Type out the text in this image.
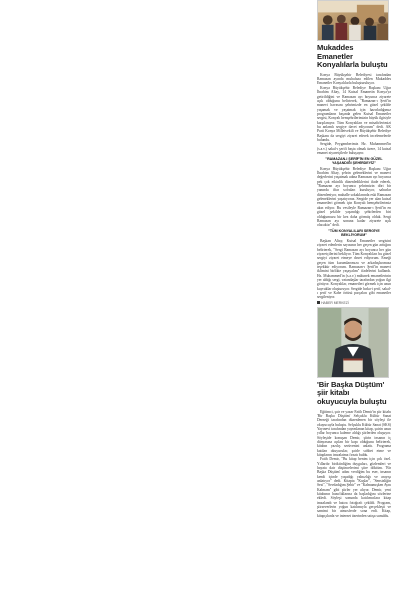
Mukaddes Emanetler Konyalılarla buluştu

Konya Büyükşehir Belediyesi tarafından Ramazan ayında muhafaza edilen Mukaddes Emanetler Konyalılarla buluşturuluyor.

Konya Büyükşehir Belediye Başkanı Uğur İbrahim Altay, 14 Kutsal Emanetin Konya'ya getirildiğini ve Ramazan ayı boyunca ziyarete açık olduğunu belirterek, "Ramazan-ı Şerif'in manevi havasını şehrimizde en güzel şekilde yaşamak ve yaşatmak için hazırladığımız programların başında gelen Kutsal Emanetler sergisi, Konyalı hemşehrilerimizin büyük ilgisiyle karşılanıyor. Tüm Konyalıları ve misafirlerimizi bu anlamlı sergiye davet ediyorum" dedi. AK Parti Konya Milletvekili ve Büyükşehir Belediye Başkanı da sergiyi ziyaret ederek incelemelerde bulundu.

Sergide, Peygamberimiz Hz. Muhammed'in (s.a.v.) sakal-ı şerifi başta olmak üzere, 14 kutsal emanet ziyaretçilerle buluşuyor.

"RAMAZAN-I ŞERİF'İN EN GÜZEL YAŞANDIĞI ŞEHİRDEYİZ"

Konya Büyükşehir Belediye Başkanı Uğur İbrahim Altay, şehrin geleneklerini ve manevi değerlerini yaşatmak adına Ramazan ayı boyunca pek çok etkinlik düzenlediklerini ifade ederek, "Ramazan ayı boyunca şehrimizin dört bir yanında iftar sofraları kuruluyor, sahurlar düzenleniyor, mahalle sokaklarında eski Ramazan geleneklerini yaşatıyoruz. Sergide yer alan kutsal emanetleri görmek için Konyalı hemşehrilerimiz akın ediyor. Bu vesileyle Ramazan-ı Şerif'in en güzel şekilde yaşandığı şehirlerden biri olduğumuzu bir kez daha görmüş olduk. Sergi Ramazan ayı sonuna kadar ziyarete açık olacaktır" dedi.

"TÜM KONYALILARI SERGİYE BEKLİYORUM"

Başkan Altay, Kutsal Emanetler sergisini ziyaret edenlerin sayısının her geçen gün arttığını belirterek, "Sergi Ramazan ayı boyunca her gün ziyaretçilerini bekliyor. Tüm Konyalıları bu güzel sergiyi ziyaret etmeye davet ediyorum. Emeği geçen tüm kurumlarımıza ve arkadaşlarımıza teşekkür ediyorum. Ramazan-ı Şerif'in manevi iklimini birlikte yaşayalım" ifadelerini kullandı. Hz. Muhammed'in (s.a.v.) mübarek emanetlerinin yer aldığı sergi, vatandaşlar tarafından yoğun ilgi görüyor. Konyalılar, emanetleri görmek için uzun kuyruklar oluşturuyor. Sergide hırka-i şerif, sakal-ı şerif ve Kabe örtüsü parçaları gibi emanetler sergileniyor.

HABER MERKEZİ
'Bir Başka Düştüm' şiir kitabı okuyucuyla buluştu

Eğitimci, şair ve yazar Fatih Demir'in şiir kitabı 'Bir Başka Düştüm' Selçuklu Kültür Sanat Derneği tarafından düzenlenen bir söyleşi ile okuyucuyla buluştu. Selçuklu Kültür Sanat (SKS) Yayınevi tarafından yayımlanan kitap, şairin uzun yıllar boyunca kaleme aldığı şiirlerden oluşuyor. Söyleşide konuşan Demir, şiirin insanın iç dünyasına açılan bir kapı olduğunu belirterek, kitabın yazılış serüvenini anlattı. Programa katılan okuyucular, şairle sohbet etme ve kitaplarını imzalatma fırsatı buldu.

Fatih Demir, "Bu kitap benim için çok özel. Yıllardır biriktirdiğim duyguları, gözlemleri ve hayata dair düşüncelerimi şiire döktüm. 'Bir Başka Düştüm' adını verdiğim bu eser, insanın kendi içinde yaşadığı yalnızlığı ve arayışı anlatıyor" dedi. Kitapta "Kuşlar", "Sensizliğin Sesi", "Sevdadığım Şehir" ve "Kalmamışken Aynı Kalmam" gibi şiirler yer alıyor. Demir, yeni kitabının hazırlıklarına da başladığını sözlerine ekledi. Söyleşi sonunda katılımcılara kitap imzalandı ve hatıra fotoğrafı çekildi. Program, şiirseverlerin yoğun katılımıyla gerçekleşti ve samimi bir atmosferde sona erdi. Kitap, kitapçılarda ve internet üzerinden satışa sunuldu.
